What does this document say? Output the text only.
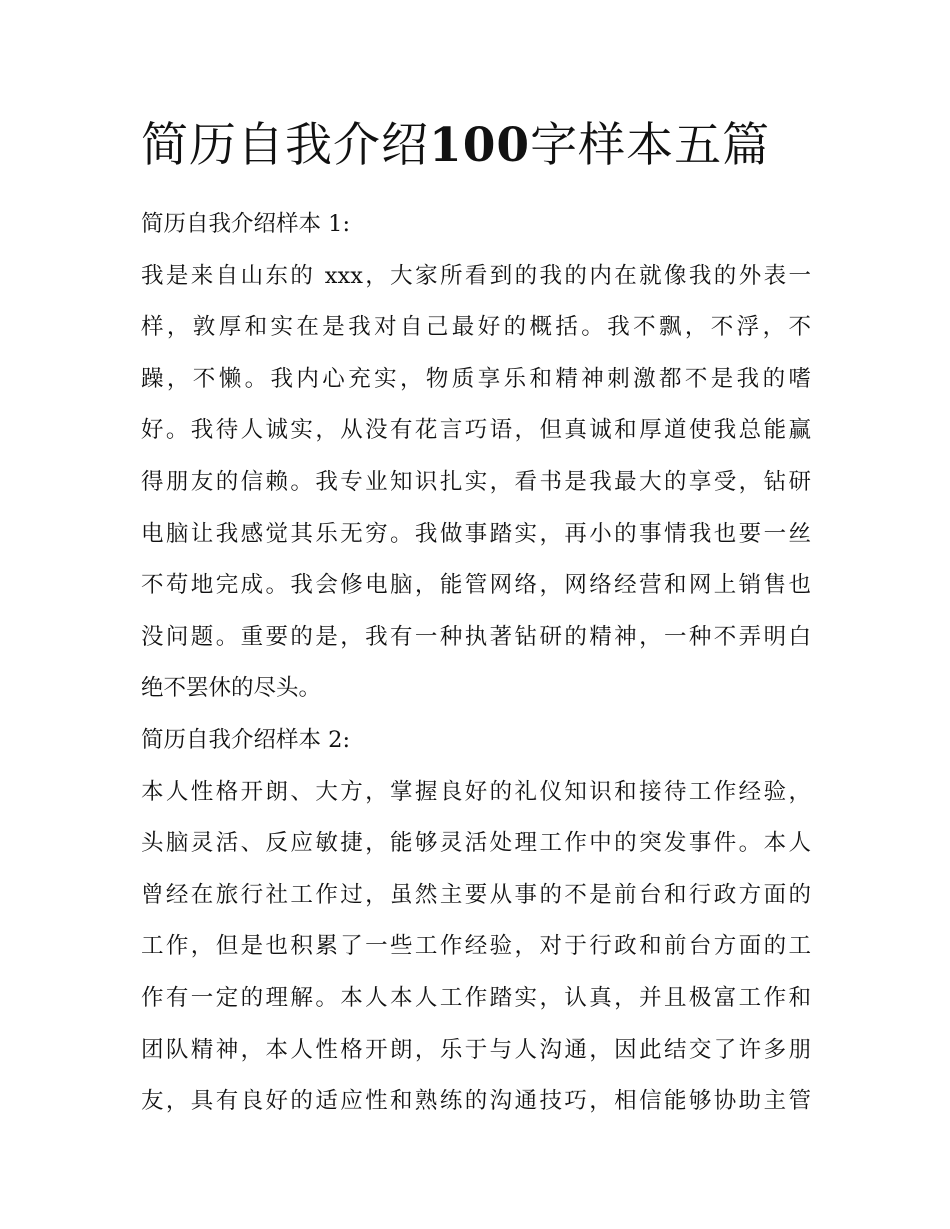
简历自我介绍100字样本五篇
简历自我介绍样本 1:
我是来自山东的 xxx，大家所看到的我的内在就像我的外表一
样，敦厚和实在是我对自己最好的概括。我不飘，不浮，不
躁，不懒。我内心充实，物质享乐和精神刺激都不是我的嗜
好。我待人诚实，从没有花言巧语，但真诚和厚道使我总能赢
得朋友的信赖。我专业知识扎实，看书是我最大的享受，钻研
电脑让我感觉其乐无穷。我做事踏实，再小的事情我也要一丝
不苟地完成。我会修电脑，能管网络，网络经营和网上销售也
没问题。重要的是，我有一种执著钻研的精神，一种不弄明白
绝不罢休的尽头。
简历自我介绍样本 2:
本人性格开朗、大方，掌握良好的礼仪知识和接待工作经验，
头脑灵活、反应敏捷，能够灵活处理工作中的突发事件。本人
曾经在旅行社工作过，虽然主要从事的不是前台和行政方面的
工作，但是也积累了一些工作经验，对于行政和前台方面的工
作有一定的理解。本人本人工作踏实，认真，并且极富工作和
团队精神，本人性格开朗，乐于与人沟通，因此结交了许多朋
友，具有良好的适应性和熟练的沟通技巧，相信能够协助主管
